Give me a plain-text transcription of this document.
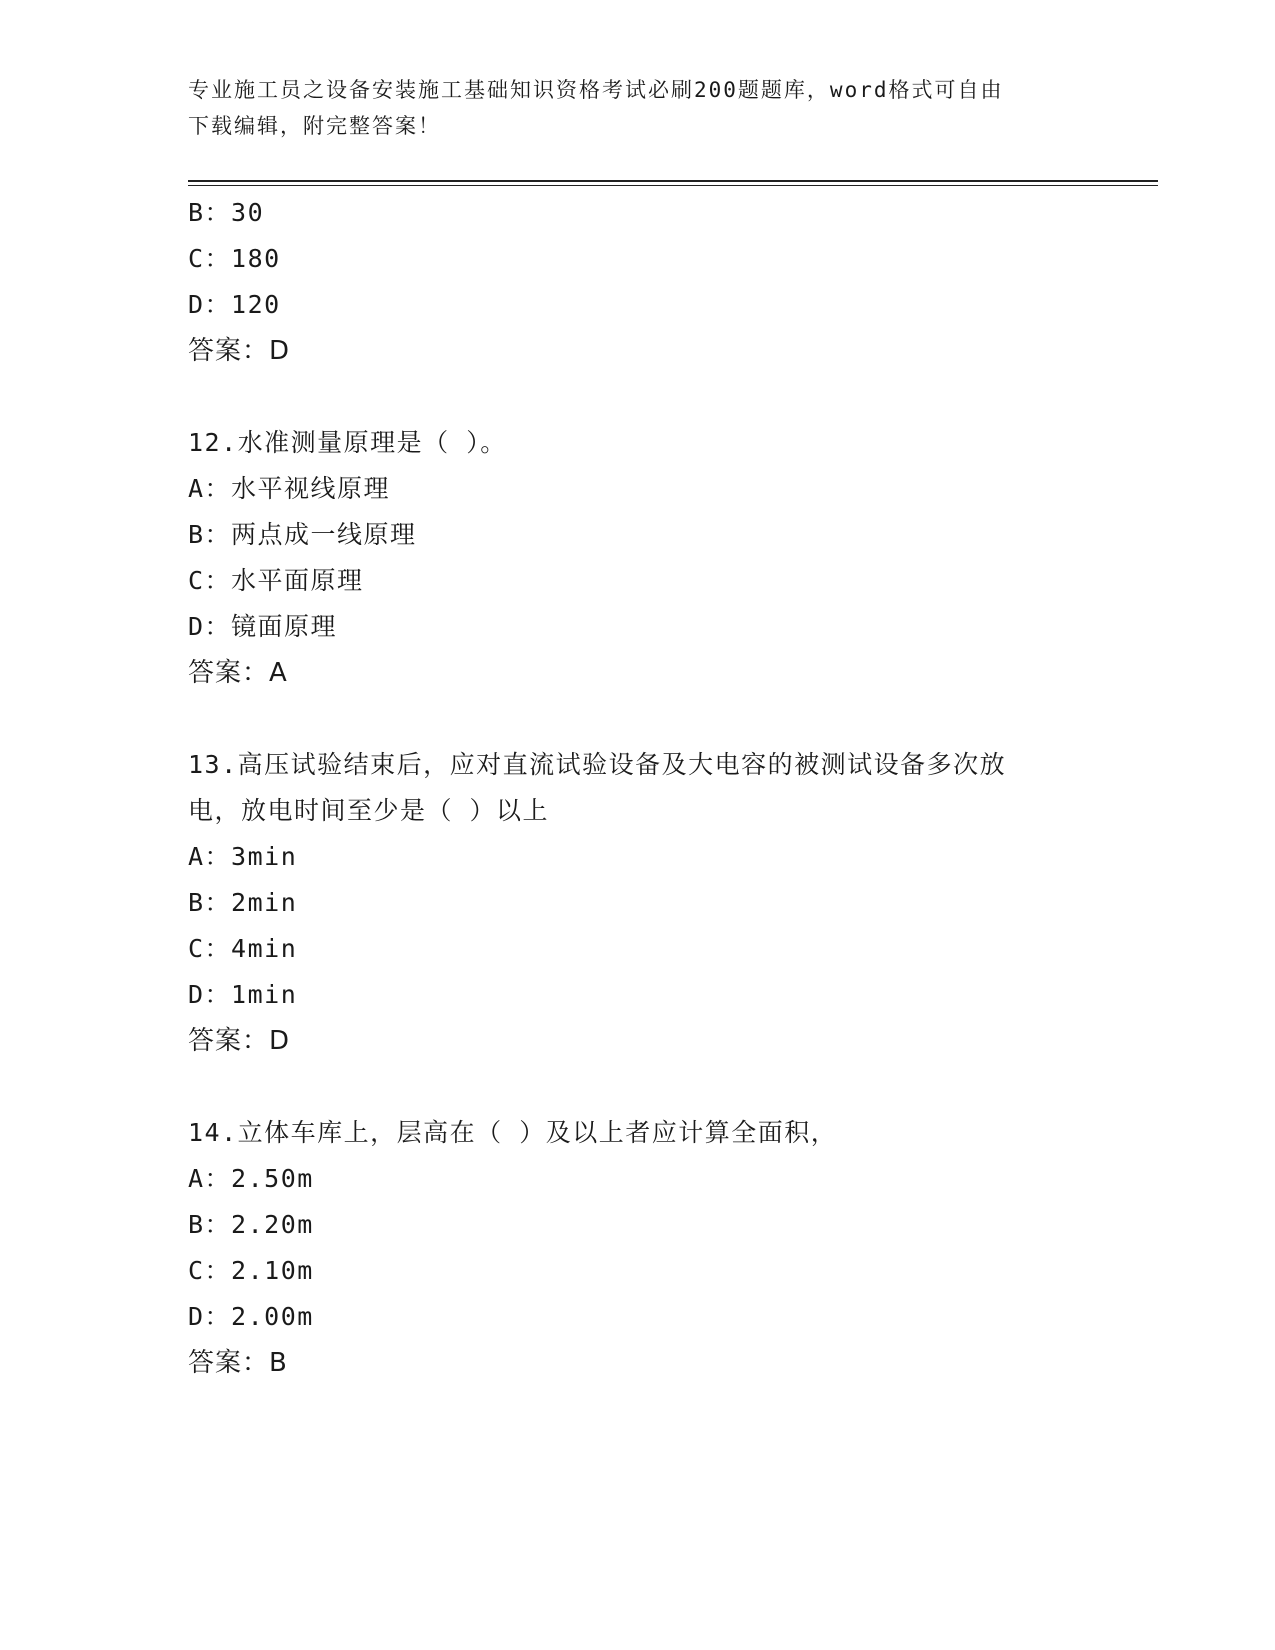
专业施工员之设备安装施工基础知识资格考试必刷200题题库，word格式可自由
下载编辑，附完整答案！
B：30
C：180
D：120
答案：D
12.水准测量原理是（ ）。
A：水平视线原理
B：两点成一线原理
C：水平面原理
D：镜面原理
答案：A
13.高压试验结束后，应对直流试验设备及大电容的被测试设备多次放
电，放电时间至少是（ ）以上
A：3min
B：2min
C：4min
D：1min
答案：D
14.立体车库上，层高在（ ）及以上者应计算全面积，
A：2.50m
B：2.20m
C：2.10m
D：2.00m
答案：B
